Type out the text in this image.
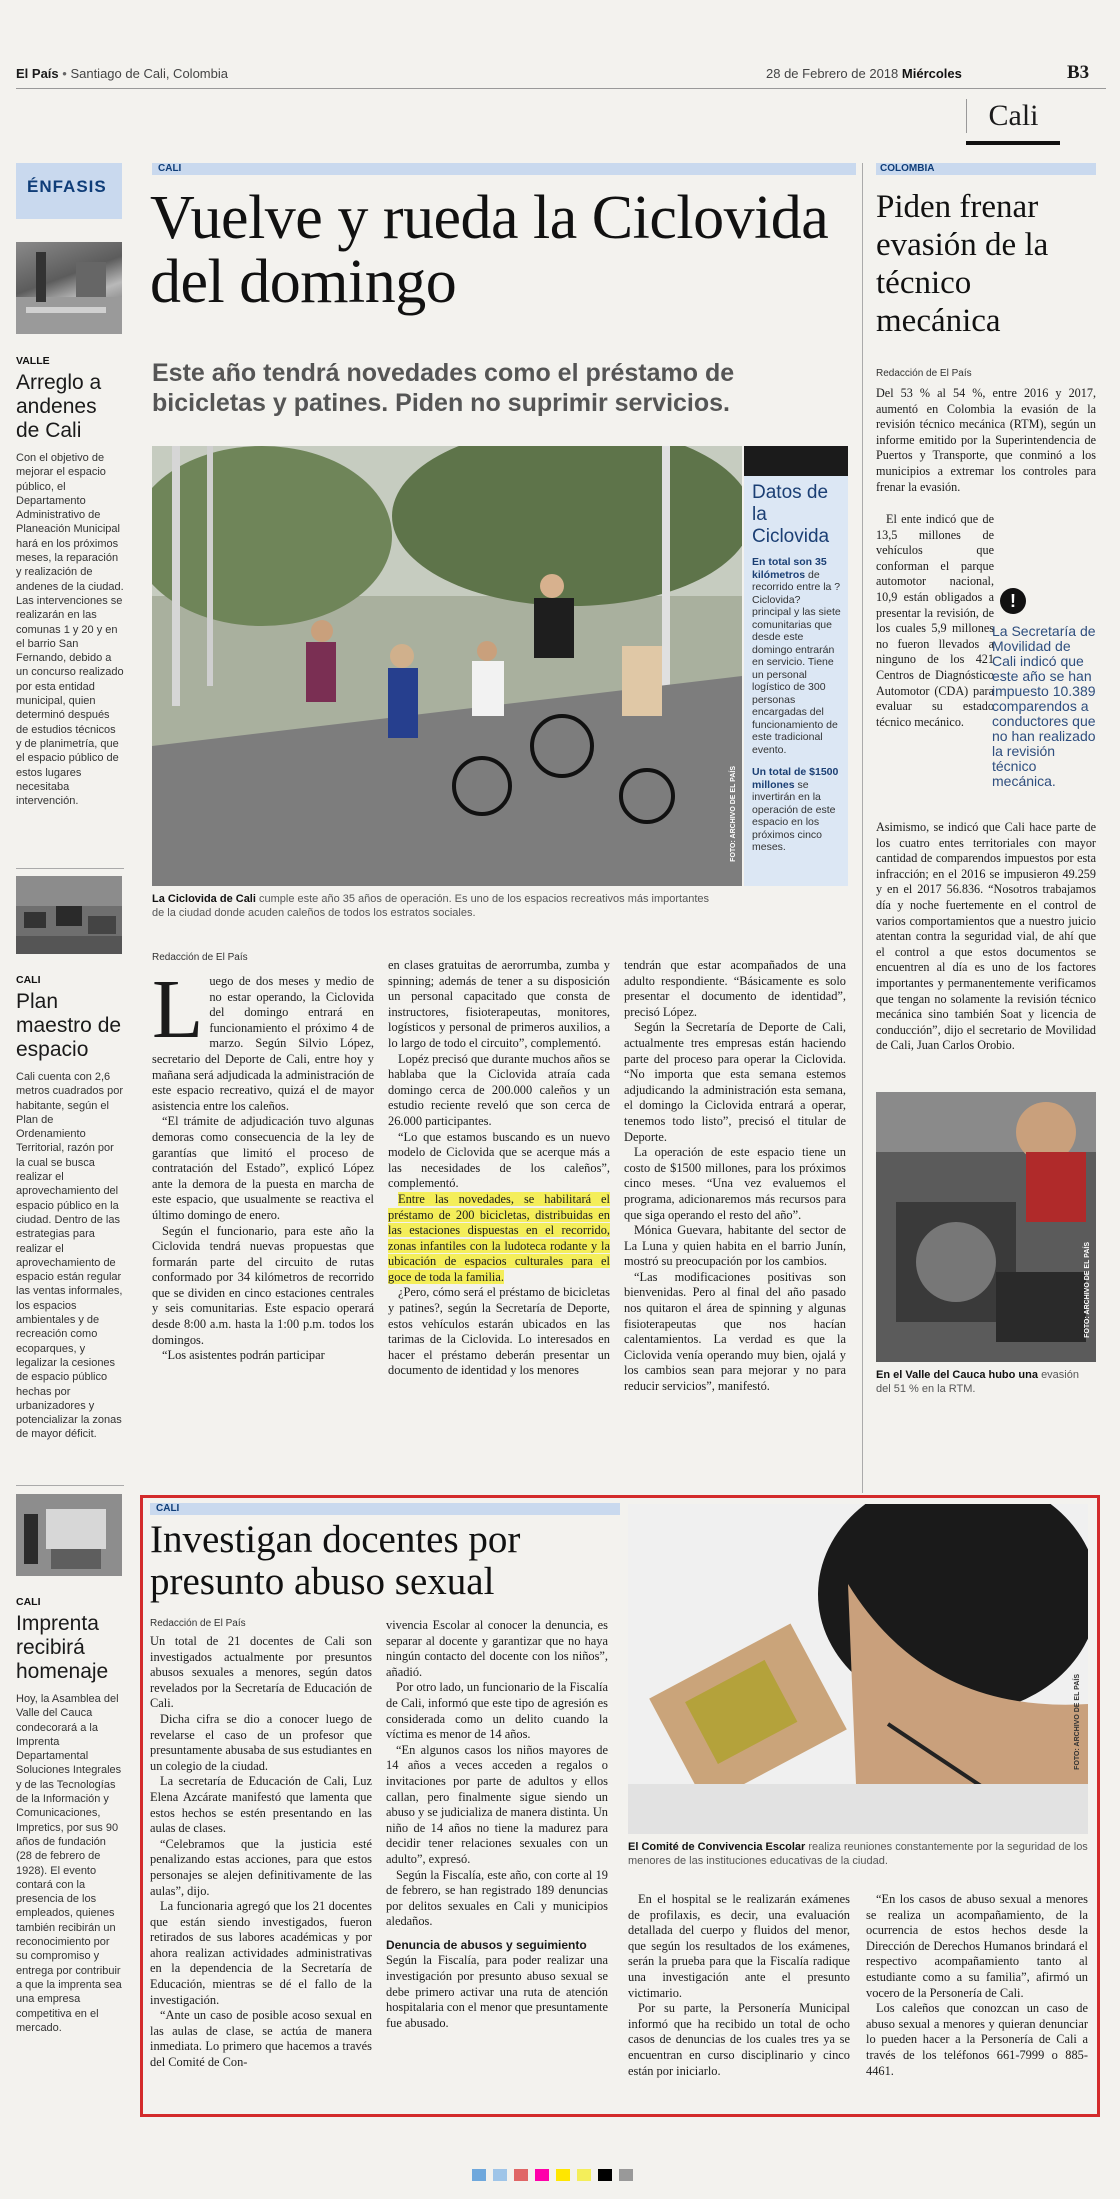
El País • Santiago de Cali, Colombia	28 de Febrero de 2018 Miércoles	B3
Cali
ÉNFASIS
VALLE
Arreglo a andenes de Cali
Con el objetivo de mejorar el espacio público, el Departamento Administrativo de Planeación Municipal hará en los próximos meses, la reparación y realización de andenes de la ciudad. Las intervenciones se realizarán en las comunas 1 y 20 y en el barrio San Fernando, debido a un concurso realizado por esta entidad municipal, quien determinó después de estudios técnicos y de planimetría, que el espacio público de estos lugares necesitaba intervención.
CALI
Plan maestro de espacio
Cali cuenta con 2,6 metros cuadrados por habitante, según el Plan de Ordenamiento Territorial, razón por la cual se busca realizar el aprovechamiento del espacio público en la ciudad. Dentro de las estrategias para realizar el aprovechamiento de espacio están regular las ventas informales, los espacios ambientales y de recreación como ecoparques, y legalizar la cesiones de espacio público hechas por urbanizadores y potencializar la zonas de mayor déficit.
CALI
Imprenta recibirá homenaje
Hoy, la Asamblea del Valle del Cauca condecorará a la Imprenta Departamental Soluciones Integrales y de las Tecnologías de la Información y Comunicaciones, Impretics, por sus 90 años de fundación (28 de febrero de 1928). El evento contará con la presencia de los empleados, quienes también recibirán un reconocimiento por su compromiso y entrega por contribuir a que la imprenta sea una empresa competitiva en el mercado.
CALI
Vuelve y rueda la Ciclovida del domingo
Este año tendrá novedades como el préstamo de bicicletas y patines. Piden no suprimir servicios.
FOTO: ARCHIVO DE EL PAÍS
Datos de la Ciclovida
En total son 35 kilómetros de recorrido entre la ?Ciclovida? principal y las siete comunitarias que desde este domingo entrarán en servicio. Tiene un personal logístico de 300 personas encargadas del funcionamiento de este tradicional evento.
Un total de $1500 millones se invertirán en la operación de este espacio en los próximos cinco meses.
La Ciclovida de Cali cumple este año 35 años de operación. Es uno de los espacios recreativos más importantes de la ciudad donde acuden caleños de todos los estratos sociales.
Redacción de El País
L uego de dos meses y medio de no estar operando, la Ciclovida del domingo entrará en funcionamiento el próximo 4 de marzo. Según Silvio López, secretario del Deporte de Cali, entre hoy y mañana será adjudicada la administración de este espacio recreativo, quizá el de mayor asistencia entre los caleños.

“El trámite de adjudicación tuvo algunas demoras como consecuencia de la ley de garantías que limitó el proceso de contratación del Estado”, explicó López ante la demora de la puesta en marcha de este espacio, que usualmente se reactiva el último domingo de enero.

Según el funcionario, para este año la Ciclovida tendrá nuevas propuestas que formarán parte del circuito de rutas conformado por 34 kilómetros de recorrido que se dividen en cinco estaciones centrales y seis comunitarias. Este espacio operará desde 8:00 a.m. hasta la 1:00 p.m. todos los domingos.

“Los asistentes podrán participar

en clases gratuitas de aerorrumba, zumba y spinning; además de tener a su disposición un personal capacitado que consta de instructores, fisioterapeutas, monitores, logísticos y personal de primeros auxilios, a lo largo de todo el circuito”, complementó.

Lopéz precisó que durante muchos años se hablaba que la Ciclovida atraía cada domingo cerca de 200.000 caleños y un estudio reciente reveló que son cerca de 26.000 participantes.

“Lo que estamos buscando es un nuevo modelo de Ciclovida que se acerque más a las necesidades de los caleños”, complementó.

Entre las novedades, se habilitará el préstamo de 200 bicicletas, distribuidas en las estaciones dispuestas en el recorrido, zonas infantiles con la ludoteca rodante y la ubicación de espacios culturales para el goce de toda la familia.

¿Pero, cómo será el préstamo de bicicletas y patines?, según la Secretaría de Deporte, estos vehículos estarán ubicados en las tarimas de la Ciclovida. Lo interesados en hacer el préstamo deberán presentar un documento de identidad y los menores

tendrán que estar acompañados de una adulto respondiente. “Básicamente es solo presentar el documento de identidad”, precisó López.

Según la Secretaría de Deporte de Cali, actualmente tres empresas están haciendo parte del proceso para operar la Ciclovida. “No importa que esta semana estemos adjudicando la administración esta semana, el domingo la Ciclovida entrará a operar, tenemos todo listo”, precisó el titular de Deporte.

La operación de este espacio tiene un costo de $1500 millones, para los próximos cinco meses. “Una vez evaluemos el programa, adicionaremos más recursos para que siga operando el resto del año”.

Mónica Guevara, habitante del sector de La Luna y quien habita en el barrio Junín, mostró su preocupación por los cambios.

“Las modificaciones positivas son bienvenidas. Pero al final del año pasado nos quitaron el área de spinning y algunas fisioterapeutas que nos hacían calentamientos. La verdad es que la Ciclovida venía operando muy bien, ojalá y los cambios sean para mejorar y no para reducir servicios”, manifestó.

COLOMBIA
Piden frenar evasión de la técnico mecánica
Redacción de El País

Del 53 % al 54 %, entre 2016 y 2017, aumentó en Colombia la evasión de la revisión técnico mecánica (RTM), según un informe emitido por la Superintendencia de Puertos y Transporte, que conminó a los municipios a extremar los controles para frenar la evasión.

El ente indicó que de 13,5 millones de vehículos que conforman el parque automotor nacional, 10,9 están obligados a presentar la revisión, de los cuales 5,9 millones no fueron llevados a ninguno de los 421 Centros de Diagnóstico Automotor (CDA) para evaluar su estado técnico mecánico.

!
La Secretaría de Movilidad de Cali indicó que este año se han impuesto 10.389 comparendos a conductores que no han realizado la revisión técnico mecánica.

Asimismo, se indicó que Cali hace parte de los cuatro entes territoriales con mayor cantidad de comparendos impuestos por esta infracción; en el 2016 se impusieron 49.259 y en el 2017 56.836. “Nosotros trabajamos día y noche fuertemente en el control de varios comportamientos que a nuestro juicio atentan contra la seguridad vial, de ahí que el control a que estos documentos se encuentren al día es uno de los factores importantes y permanentemente verificamos que tengan no solamente la revisión técnico mecánica sino también Soat y licencia de conducción”, dijo el secretario de Movilidad de Cali, Juan Carlos Orobio.

FOTO: ARCHIVO DE EL PAÍS
En el Valle del Cauca hubo una evasión del 51 % en la RTM.
CALI
Investigan docentes por presunto abuso sexual
Redacción de El País

Un total de 21 docentes de Cali son investigados actualmente por presuntos abusos sexuales a menores, según datos revelados por la Secretaría de Educación de Cali.

Dicha cifra se dio a conocer luego de revelarse el caso de un profesor que presuntamente abusaba de sus estudiantes en un colegio de la ciudad.

La secretaría de Educación de Cali, Luz Elena Azcárate manifestó que lamenta que estos hechos se estén presentando en las aulas de clases.

“Celebramos que la justicia esté penalizando estas acciones, para que estos personajes se alejen definitivamente de las aulas”, dijo.

La funcionaria agregó que los 21 docentes que están siendo investigados, fueron retirados de sus labores académicas y por ahora realizan actividades administrativas en la dependencia de la Secretaría de Educación, mientras se dé el fallo de la investigación.

“Ante un caso de posible acoso sexual en las aulas de clase, se actúa de manera inmediata. Lo primero que hacemos a través del Comité de Con-

vivencia Escolar al conocer la denuncia, es separar al docente y garantizar que no haya ningún contacto del docente con los niños”, añadió.

Por otro lado, un funcionario de la Fiscalía de Cali, informó que este tipo de agresión es considerada como un delito cuando la víctima es menor de 14 años.

“En algunos casos los niños mayores de 14 años a veces acceden a regalos o invitaciones por parte de adultos y ellos callan, pero finalmente sigue siendo un abuso y se judicializa de manera distinta. Un niño de 14 años no tiene la madurez para decidir tener relaciones sexuales con un adulto”, expresó.

Según la Fiscalía, este año, con corte al 19 de febrero, se han registrado 189 denuncias por delitos sexuales en Cali y municipios aledaños.

Denuncia de abusos y seguimiento

Según la Fiscalía, para poder realizar una investigación por presunto abuso sexual se debe primero activar una ruta de atención hospitalaria con el menor que presuntamente fue abusado.

FOTO: ARCHIVO DE EL PAÍS
El Comité de Convivencia Escolar realiza reuniones constantemente por la seguridad de los menores de las instituciones educativas de la ciudad.

En el hospital se le realizarán exámenes de profilaxis, es decir, una evaluación detallada del cuerpo y fluidos del menor, que según los resultados de los exámenes, serán la prueba para que la Fiscalía radique una investigación ante el presunto victimario.

Por su parte, la Personería Municipal informó que ha recibido un total de ocho casos de denuncias de los cuales tres ya se encuentran en curso disciplinario y cinco están por iniciarlo.

“En los casos de abuso sexual a menores se realiza un acompañamiento, de la ocurrencia de estos hechos desde la Dirección de Derechos Humanos brindará el respectivo acompañamiento tanto al estudiante como a su familia”, afirmó un vocero de la Personería de Cali.

Los caleños que conozcan un caso de abuso sexual a menores y quieran denunciar lo pueden hacer a la Personería de Cali a través de los teléfonos 661-7999 o 885-4461.
